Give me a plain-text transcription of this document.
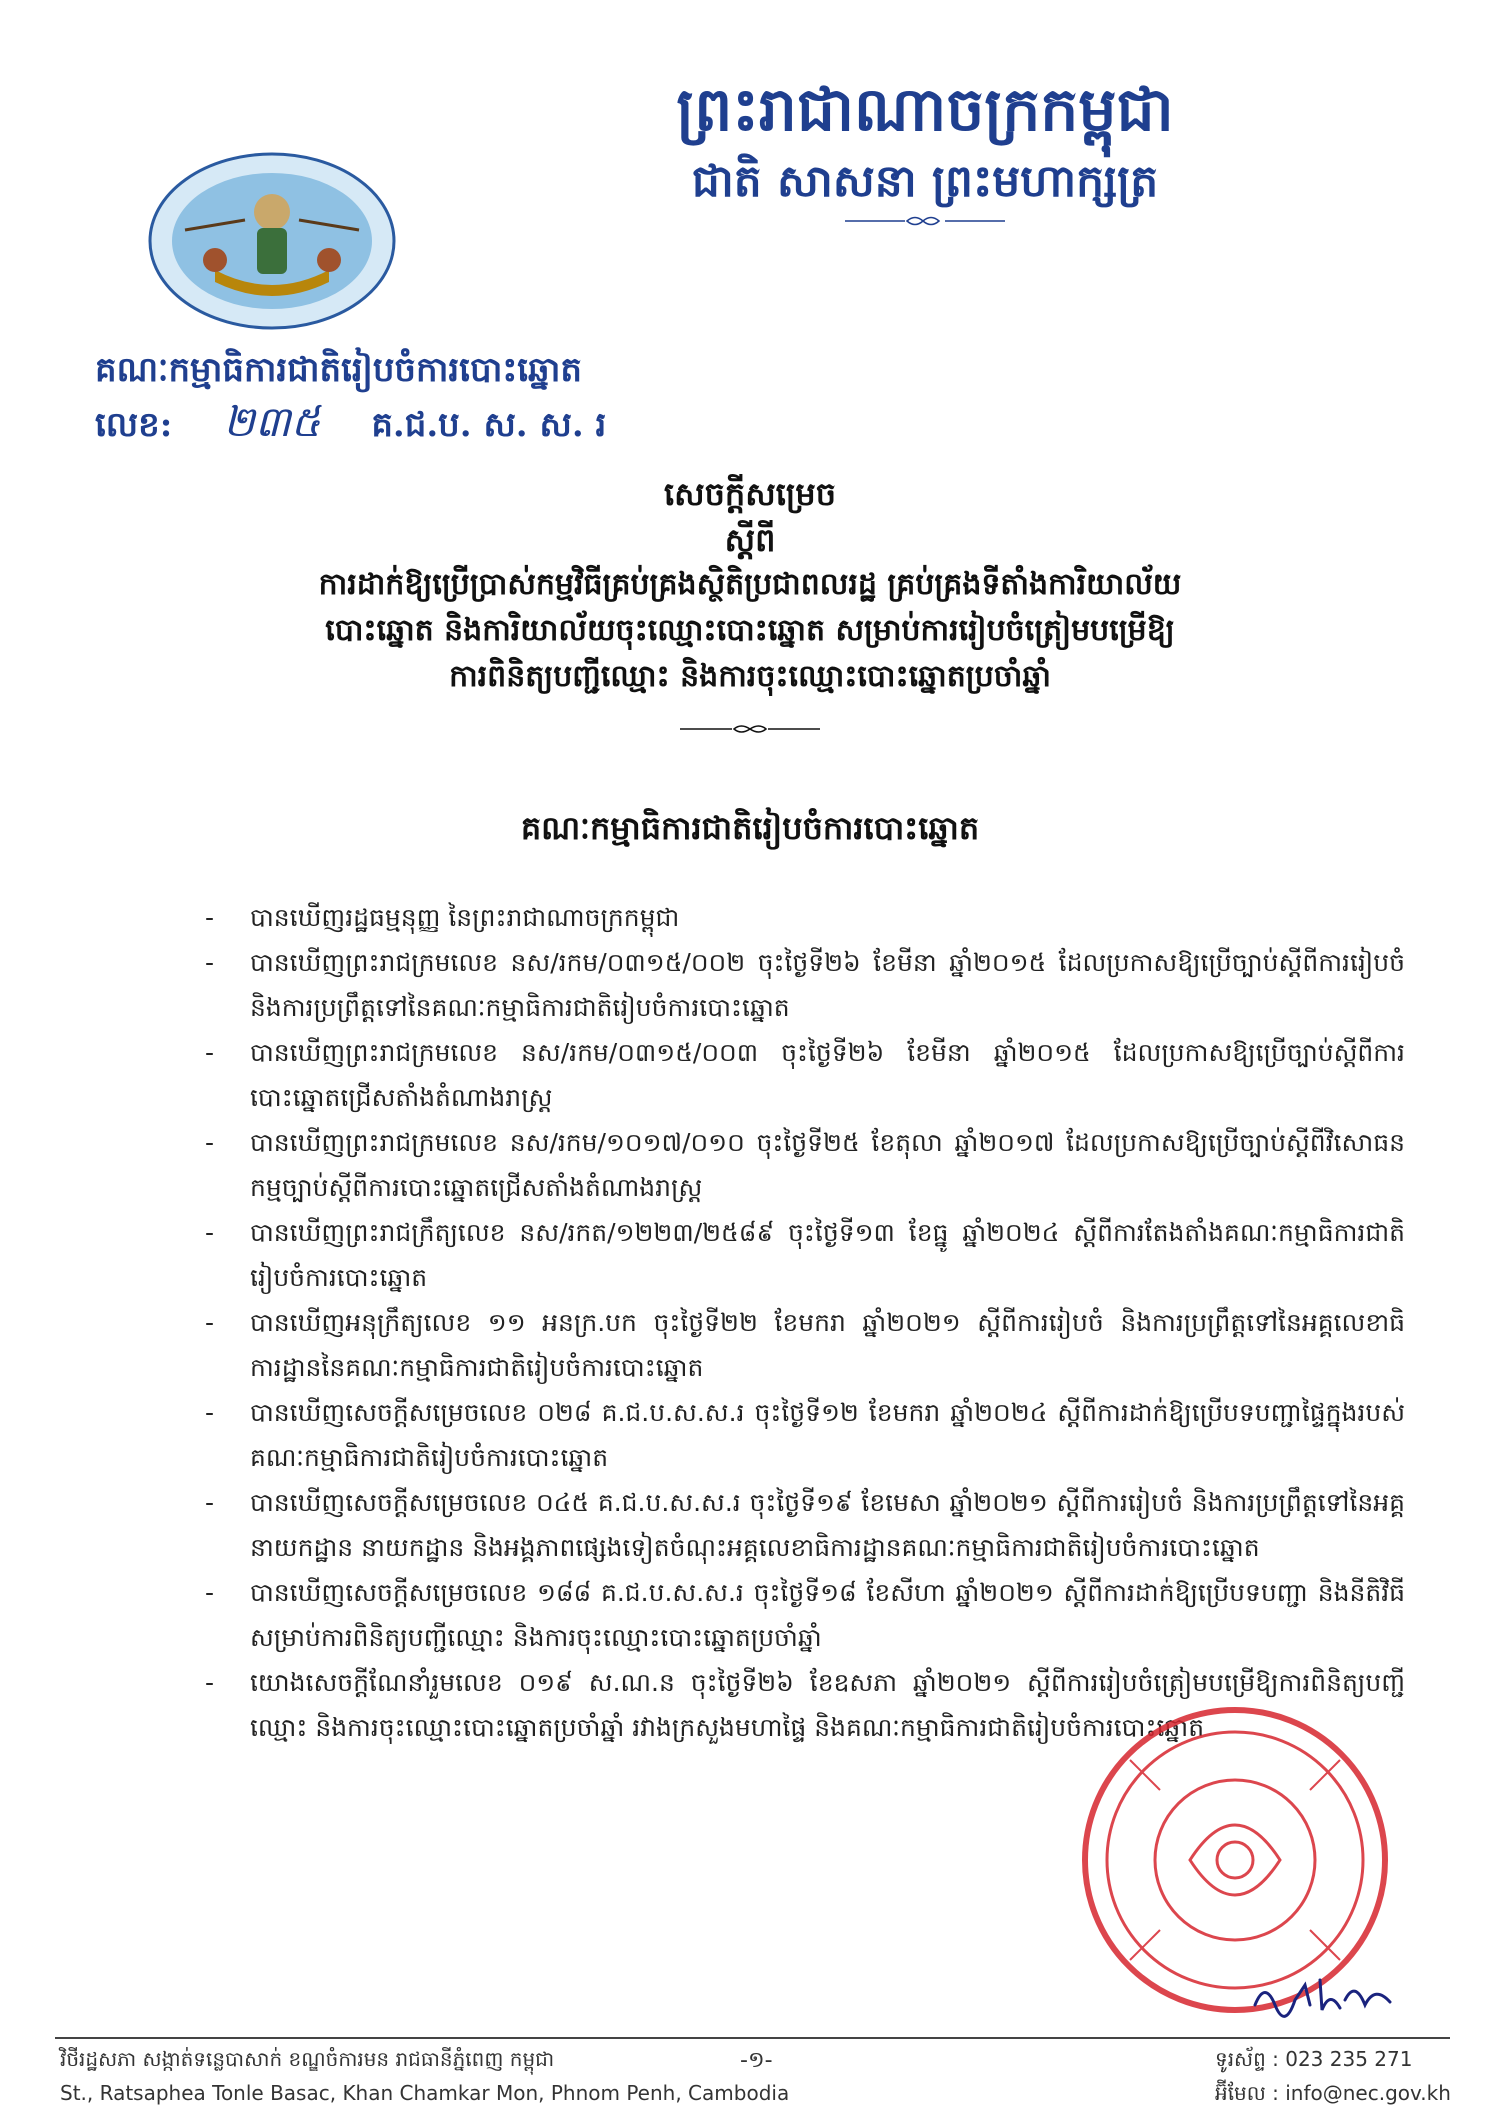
ព្រះរាជាណាចក្រកម្ពុជា
ជាតិ សាសនា ព្រះមហាក្សត្រ
គណៈកម្មាធិការជាតិរៀបចំការបោះឆ្នោត
លេខ: ២៣៥ គ.ជ.ប. ស. ស. រ
សេចក្ដីសម្រេច
ស្ដីពី
ការដាក់ឱ្យប្រើប្រាស់កម្មវិធីគ្រប់គ្រងស្ថិតិប្រជាពលរដ្ឋ គ្រប់គ្រងទីតាំងការិយាល័យ
បោះឆ្នោត និងការិយាល័យចុះឈ្មោះបោះឆ្នោត សម្រាប់ការរៀបចំត្រៀមបម្រើឱ្យ
ការពិនិត្យបញ្ជីឈ្មោះ និងការចុះឈ្មោះបោះឆ្នោតប្រចាំឆ្នាំ
គណៈកម្មាធិការជាតិរៀបចំការបោះឆ្នោត
- បានឃើញរដ្ឋធម្មនុញ្ញ នៃព្រះរាជាណាចក្រកម្ពុជា
- បានឃើញព្រះរាជក្រមលេខ នស/រកម/០៣១៥/០០២ ចុះថ្ងៃទី២៦ ខែមីនា ឆ្នាំ២០១៥ ដែលប្រកាសឱ្យប្រើច្បាប់ស្ដីពីការរៀបចំ និងការប្រព្រឹត្តទៅនៃគណៈកម្មាធិការជាតិរៀបចំការបោះឆ្នោត
- បានឃើញព្រះរាជក្រមលេខ នស/រកម/០៣១៥/០០៣ ចុះថ្ងៃទី២៦ ខែមីនា ឆ្នាំ២០១៥ ដែលប្រកាសឱ្យប្រើច្បាប់ស្ដីពីការបោះឆ្នោតជ្រើសតាំងតំណាងរាស្ត្រ
- បានឃើញព្រះរាជក្រមលេខ នស/រកម/១០១៧/០១០ ចុះថ្ងៃទី២៥ ខែតុលា ឆ្នាំ២០១៧ ដែលប្រកាសឱ្យប្រើច្បាប់ស្ដីពីវិសោធនកម្មច្បាប់ស្ដីពីការបោះឆ្នោតជ្រើសតាំងតំណាងរាស្ត្រ
- បានឃើញព្រះរាជក្រឹត្យលេខ នស/រកត/១២២៣/២៥៨៩ ចុះថ្ងៃទី១៣ ខែធ្នូ ឆ្នាំ២០២៤ ស្ដីពីការតែងតាំងគណៈកម្មាធិការជាតិរៀបចំការបោះឆ្នោត
- បានឃើញអនុក្រឹត្យលេខ ១១ អនក្រ.បក ចុះថ្ងៃទី២២ ខែមករា ឆ្នាំ២០២១ ស្ដីពីការរៀបចំ និងការប្រព្រឹត្តទៅនៃអគ្គលេខាធិការដ្ឋាននៃគណៈកម្មាធិការជាតិរៀបចំការបោះឆ្នោត
- បានឃើញសេចក្ដីសម្រេចលេខ ០២៨ គ.ជ.ប.ស.ស.រ ចុះថ្ងៃទី១២ ខែមករា ឆ្នាំ២០២៤ ស្ដីពីការដាក់ឱ្យប្រើបទបញ្ជាផ្ទៃក្នុងរបស់គណៈកម្មាធិការជាតិរៀបចំការបោះឆ្នោត
- បានឃើញសេចក្ដីសម្រេចលេខ ០៤៥ គ.ជ.ប.ស.ស.រ ចុះថ្ងៃទី១៩ ខែមេសា ឆ្នាំ២០២១ ស្ដីពីការរៀបចំ និងការប្រព្រឹត្តទៅនៃអគ្គនាយកដ្ឋាន នាយកដ្ឋាន និងអង្គភាពផ្សេងទៀតចំណុះអគ្គលេខាធិការដ្ឋានគណៈកម្មាធិការជាតិរៀបចំការបោះឆ្នោត
- បានឃើញសេចក្ដីសម្រេចលេខ ១៨៨ គ.ជ.ប.ស.ស.រ ចុះថ្ងៃទី១៨ ខែសីហា ឆ្នាំ២០២១ ស្ដីពីការដាក់ឱ្យប្រើបទបញ្ជា និងនីតិវិធីសម្រាប់ការពិនិត្យបញ្ជីឈ្មោះ និងការចុះឈ្មោះបោះឆ្នោតប្រចាំឆ្នាំ
- យោងសេចក្ដីណែនាំរួមលេខ ០១៩ ស.ណ.ន ចុះថ្ងៃទី២៦ ខែឧសភា ឆ្នាំ២០២១ ស្ដីពីការរៀបចំត្រៀមបម្រើឱ្យការពិនិត្យបញ្ជីឈ្មោះ និងការចុះឈ្មោះបោះឆ្នោតប្រចាំឆ្នាំ រវាងក្រសួងមហាផ្ទៃ និងគណៈកម្មាធិការជាតិរៀបចំការបោះឆ្នោត
វិថីរដ្ឋសភា សង្កាត់ទន្លេបាសាក់ ខណ្ឌចំការមន រាជធានីភ្នំពេញ កម្ពុជា
St., Ratsaphea Tonle Basac, Khan Chamkar Mon, Phnom Penh, Cambodia
-១-	ទូរស័ព្ទ : 023 235 271
អ៊ីមែល : info@nec.gov.kh
